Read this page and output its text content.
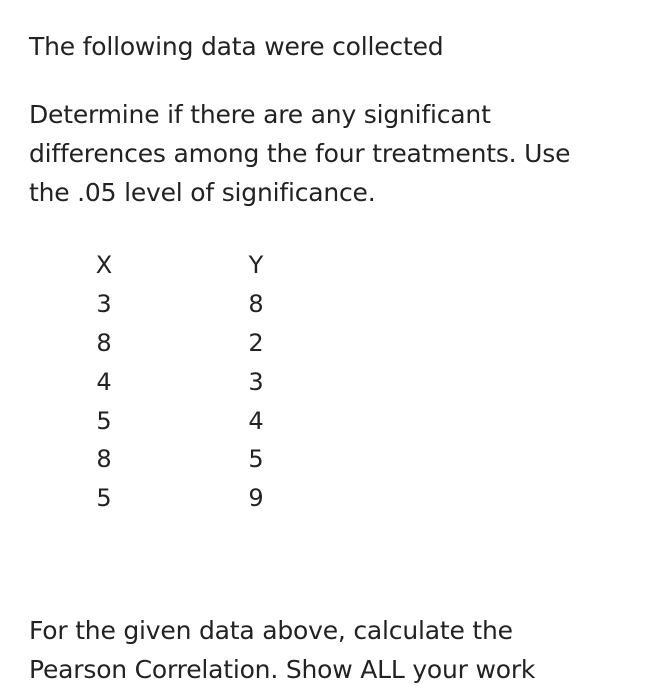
The following data were collected
Determine if there are any significant
differences among the four treatments. Use
the .05 level of significance.
X		Y
3		8
8		2
4		3
5		4
8		5
5		9
For the given data above, calculate the
Pearson Correlation. Show ALL your work
